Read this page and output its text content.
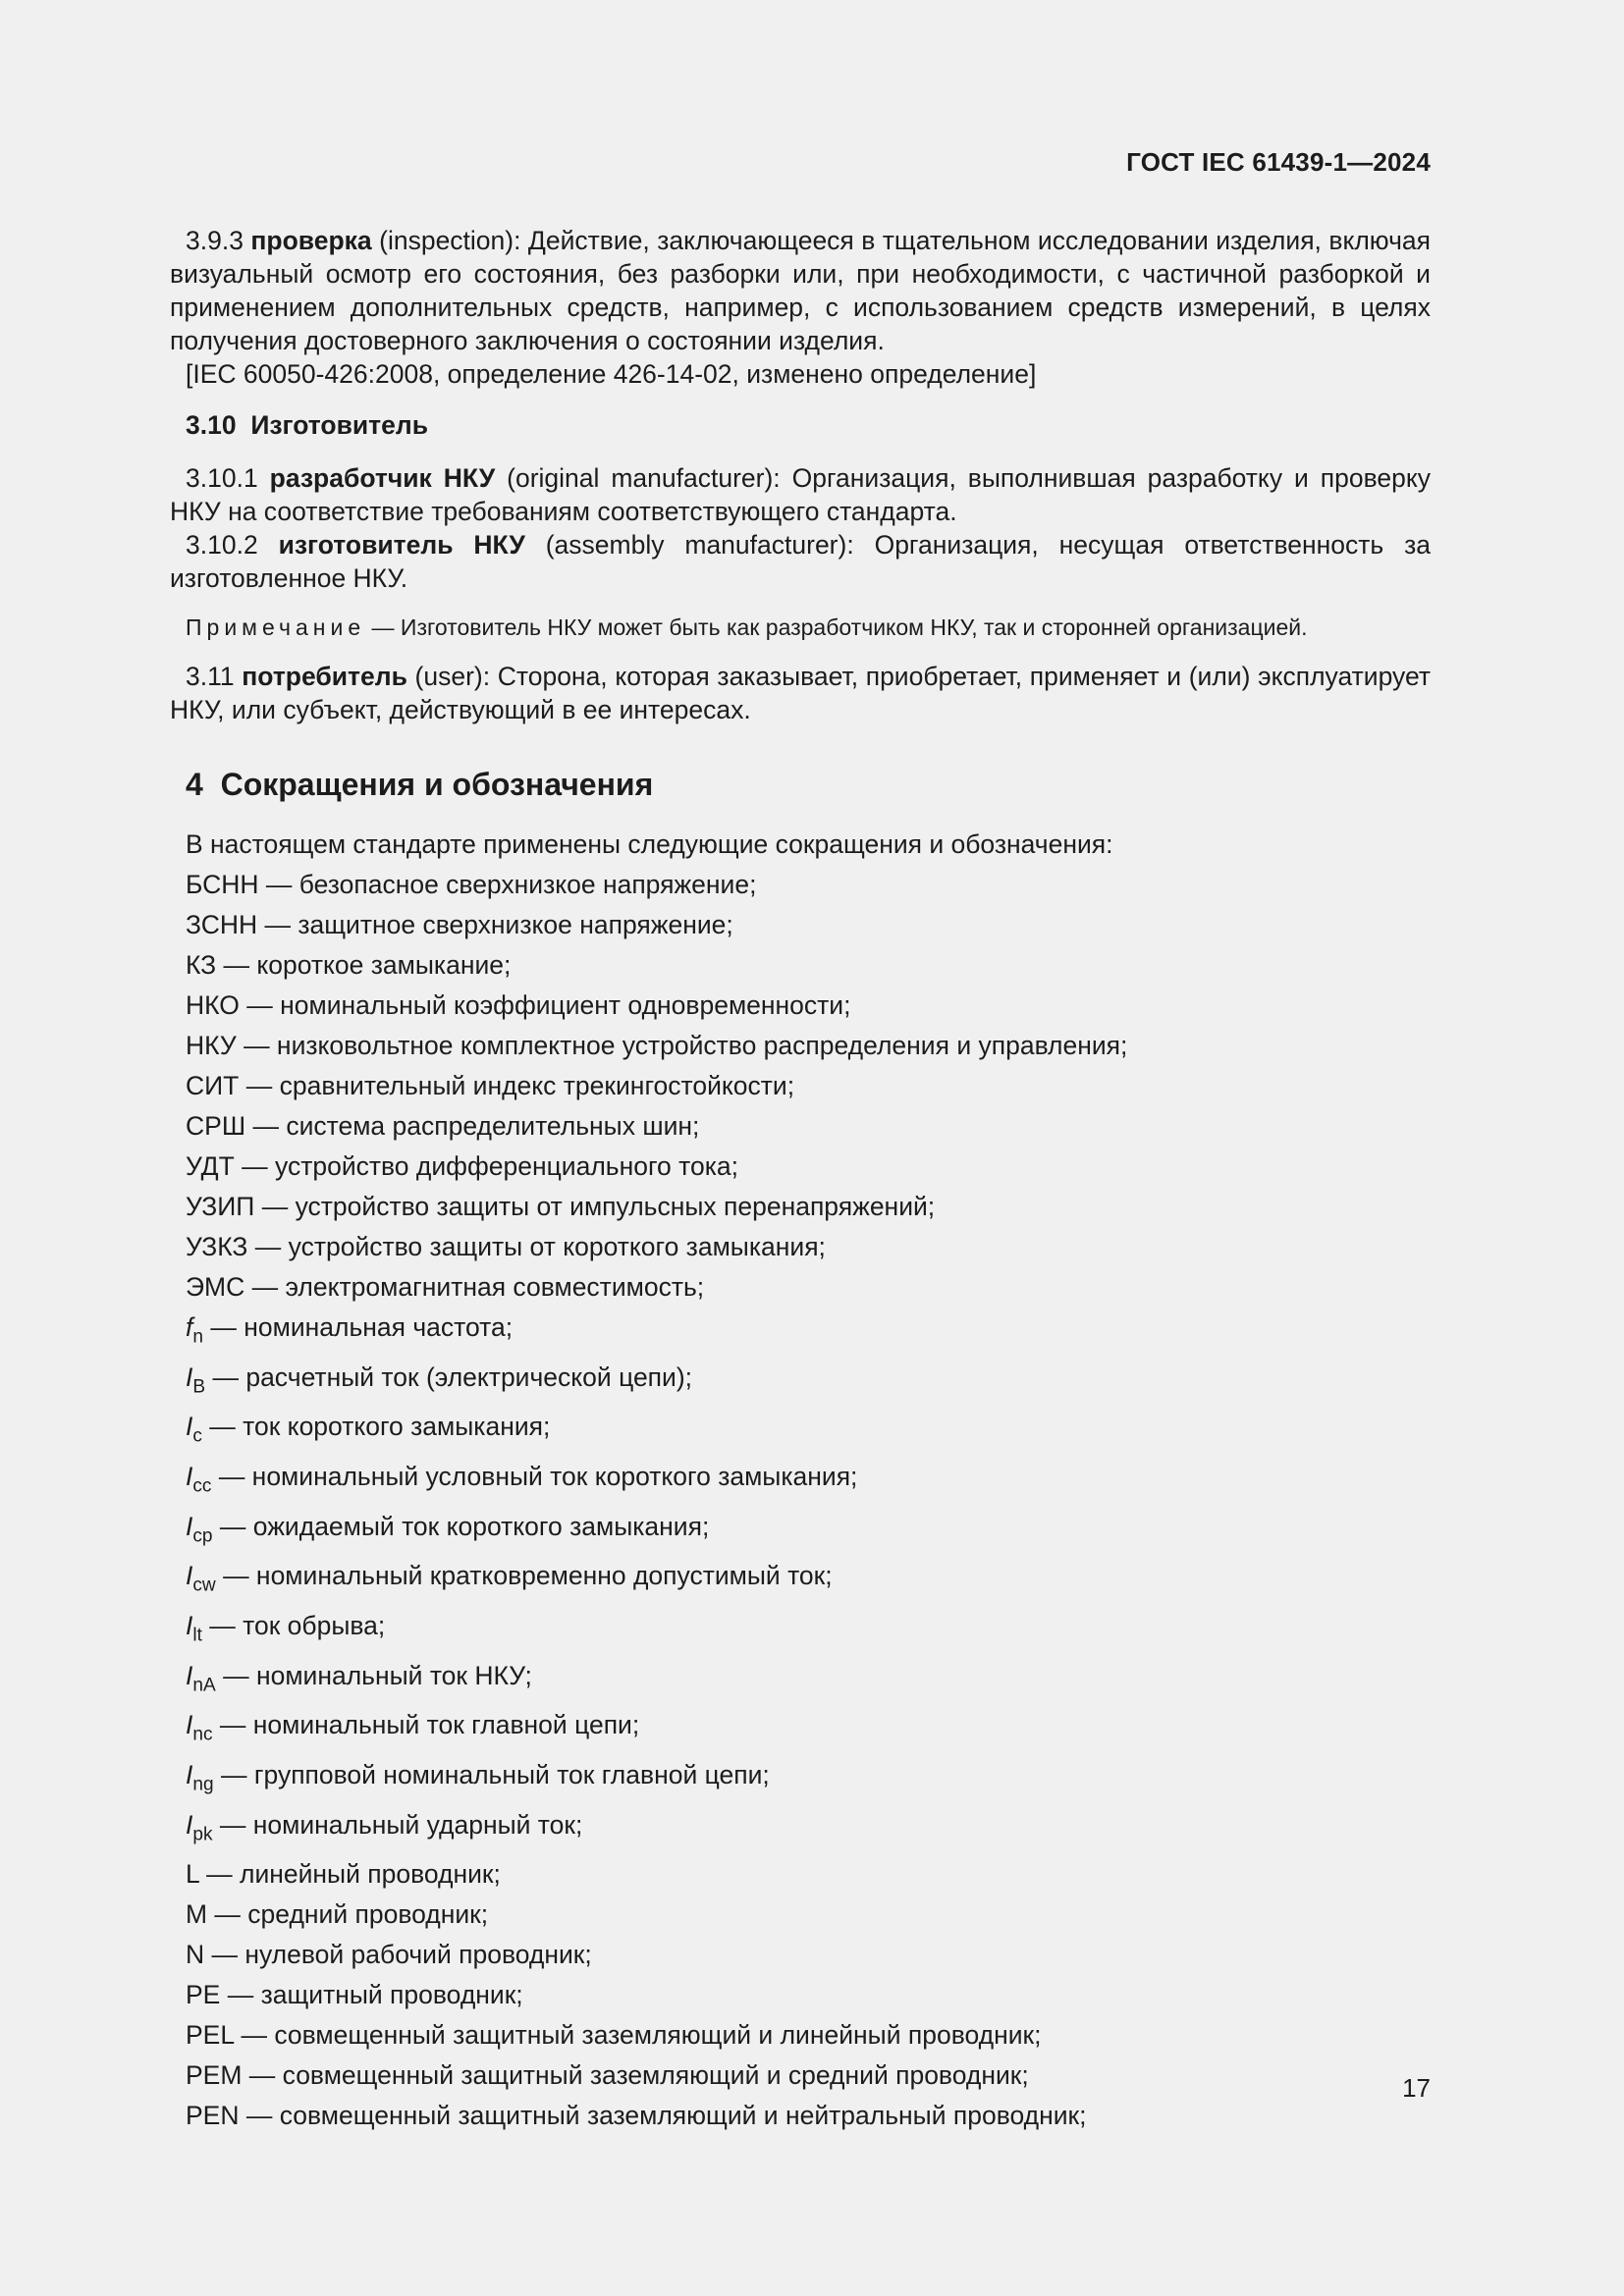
ГОСТ IEC 61439-1—2024

3.9.3 проверка (inspection): Действие, заключающееся в тщательном исследовании изделия, включая визуальный осмотр его состояния, без разборки или, при необходимости, с частичной разборкой и применением дополнительных средств, например, с использованием средств измерений, в целях получения достоверного заключения о состоянии изделия.

[IEC 60050-426:2008, определение 426-14-02, изменено определение]

3.10 Изготовитель

3.10.1 разработчик НКУ (original manufacturer): Организация, выполнившая разработку и проверку НКУ на соответствие требованиям соответствующего стандарта.

3.10.2 изготовитель НКУ (assembly manufacturer): Организация, несущая ответственность за изготовленное НКУ.

Примечание — Изготовитель НКУ может быть как разработчиком НКУ, так и сторонней организацией.

3.11 потребитель (user): Сторона, которая заказывает, приобретает, применяет и (или) эксплуатирует НКУ, или субъект, действующий в ее интересах.

4 Сокращения и обозначения
В настоящем стандарте применены следующие сокращения и обозначения:
БСНН — безопасное сверхнизкое напряжение;
ЗСНН — защитное сверхнизкое напряжение;
КЗ — короткое замыкание;
НКО — номинальный коэффициент одновременности;
НКУ — низковольтное комплектное устройство распределения и управления;
СИТ — сравнительный индекс трекингостойкости;
СРШ — система распределительных шин;
УДТ — устройство дифференциального тока;
УЗИП — устройство защиты от импульсных перенапряжений;
УЗКЗ — устройство защиты от короткого замыкания;
ЭМС — электромагнитная совместимость;
$f_n$ — номинальная частота;
$I_B$ — расчетный ток (электрической цепи);
$I_c$ — ток короткого замыкания;
$I_{cc}$ — номинальный условный ток короткого замыкания;
$I_{cp}$ — ожидаемый ток короткого замыкания;
$I_{cw}$ — номинальный кратковременно допустимый ток;
$I_{lt}$ — ток обрыва;
$I_{nA}$ — номинальный ток НКУ;
$I_{nc}$ — номинальный ток главной цепи;
$I_{ng}$ — групповой номинальный ток главной цепи;
$I_{pk}$ — номинальный ударный ток;
L — линейный проводник;
M — средний проводник;
N — нулевой рабочий проводник;
PE — защитный проводник;
PEL — совмещенный защитный заземляющий и линейный проводник;
PEM — совмещенный защитный заземляющий и средний проводник;
PEN — совмещенный защитный заземляющий и нейтральный проводник;
17
